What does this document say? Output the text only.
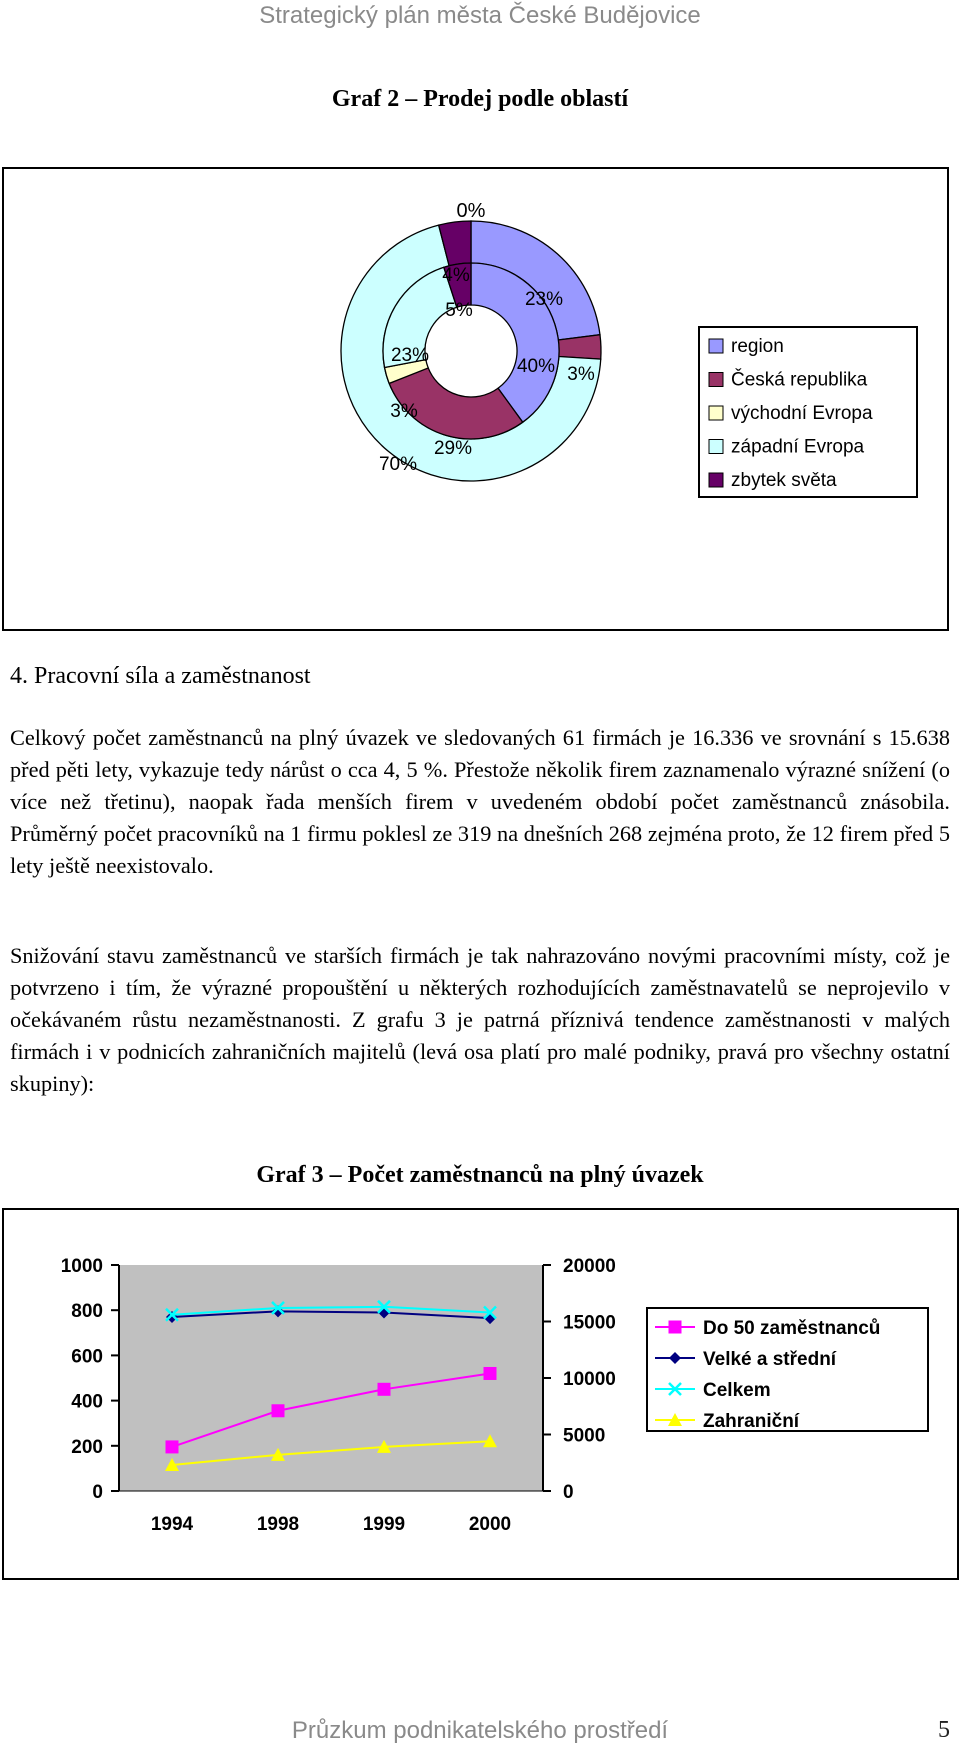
Strategický plán města České Budějovice
Graf 2 – Prodej podle oblastí
0%
23%
3%
70%
4%
40%
29%
3%
23%
5%
region
Česká republika
východní Evropa
západní Evropa
zbytek světa
4. Pracovní síla a zaměstnanost

Celkový počet zaměstnanců na plný úvazek ve sledovaných 61 firmách je 16.336 ve srovnání s 15.638 před pěti lety, vykazuje tedy nárůst o cca 4, 5 %. Přestože několik firem zaznamenalo výrazné snížení (o více než třetinu), naopak řada menších firem v uvedeném období počet zaměstnanců znásobila. Průměrný počet pracovníků na 1 firmu poklesl ze 319 na dnešních 268 zejména proto, že 12 firem před 5 lety ještě neexistovalo.

Snižování stavu zaměstnanců ve starších firmách je tak nahrazováno novými pracovními místy, což je potvrzeno i tím, že výrazné propouštění u některých rozhodujících zaměstnavatelů se neprojevilo v očekávaném růstu nezaměstnanosti. Z grafu 3 je patrná příznivá tendence zaměstnanosti v malých firmách i v podnicích zahraničních majitelů (levá osa platí pro malé podniky, pravá pro všechny ostatní skupiny):

Graf 3 – Počet zaměstnanců na plný úvazek
0
200
400
600
800
1000
0
5000
10000
15000
20000
1994	1998	1999	2000
Do 50 zaměstnanců
Velké a střední
Celkem
Zahraniční
Průzkum podnikatelského prostředí	5
